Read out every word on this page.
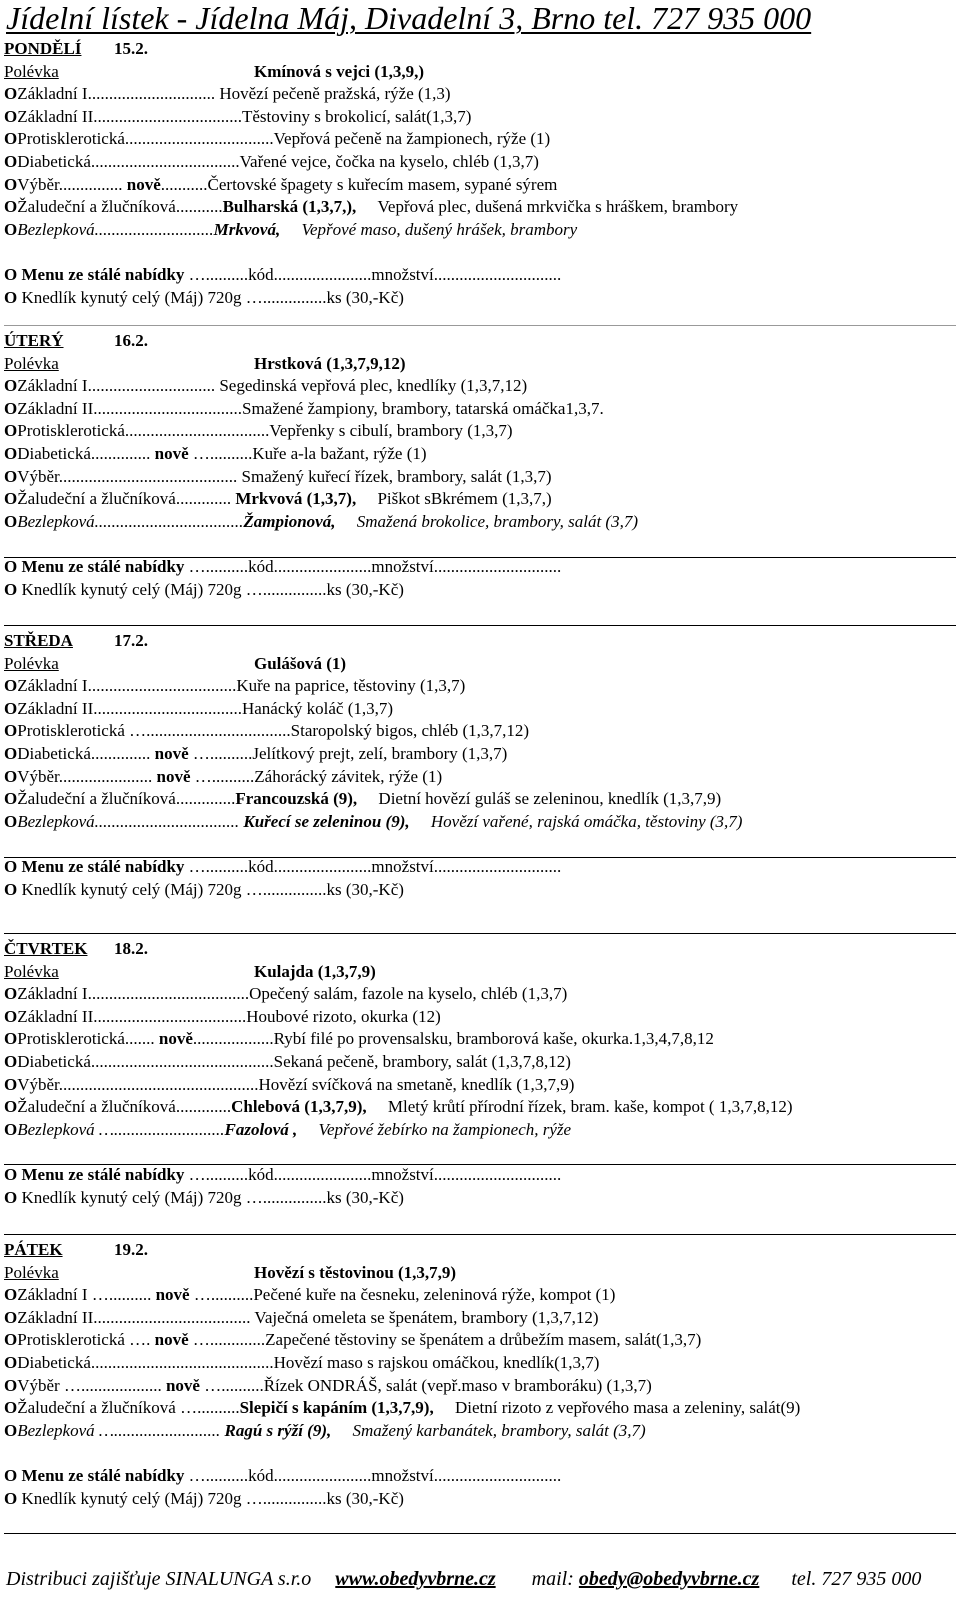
Jídelní lístek - Jídelna Máj, Divadelní 3, Brno tel. 727 935 000
PONDĚLÍ 15.2.
Polévka	Kmínová s vejci (1,3,9,)
OZákladní I.............................. Hovězí pečeně pražská, rýže (1,3)
OZákladní II...................................Těstoviny s brokolicí, salát(1,3,7)
OProtisklerotická...................................Vepřová pečeně na žampionech, rýže (1)
ODiabetická...................................Vařené vejce, čočka na kyselo, chléb (1,3,7)
OVýběr............... nově...........Čertovské špagety s kuřecím masem, sypané sýrem
OŽaludeční a žlučníková...........Bulharská (1,3,7,), Vepřová plec, dušená mrkvička s hráškem, brambory
OBezlepková............................Mrkvová, Vepřové maso, dušený hrášek, brambory
O Menu ze stálé nabídky …..........kód.......................množství..............................
O Knedlík kynutý celý (Máj) 720g …...............ks (30,-Kč)
ÚTERÝ	16.2.
Polévka	Hrstková (1,3,7,9,12)
OZákladní I.............................. Segedinská vepřová plec, knedlíky (1,3,7,12)
OZákladní II...................................Smažené žampiony, brambory, tatarská omáčka1,3,7.
OProtisklerotická..................................Vepřenky s cibulí, brambory (1,3,7)
ODiabetická.............. nově …..........Kuře a-la bažant, rýže (1)
OVýběr.......................................... Smažený kuřecí řízek, brambory, salát (1,3,7)
OŽaludeční a žlučníková............. Mrkvová (1,3,7), Piškot sBkrémem (1,3,7,)
OBezlepková...................................Žampionová, Smažená brokolice, brambory, salát (3,7)
O Menu ze stálé nabídky …..........kód.......................množství..............................
O Knedlík kynutý celý (Máj) 720g …...............ks (30,-Kč)
STŘEDA 17.2.
Polévka	Gulášová (1)
OZákladní I...................................Kuře na paprice, těstoviny (1,3,7)
OZákladní II...................................Hanácký koláč (1,3,7)
OProtisklerotická …..................................Staropolský bigos, chléb (1,3,7,12)
ODiabetická.............. nově …..........Jelítkový prejt, zelí, brambory (1,3,7)
OVýběr...................... nově …..........Záhorácký závitek, rýže (1)
OŽaludeční a žlučníková..............Francouzská (9), Dietní hovězí guláš se zeleninou, knedlík (1,3,7,9)
OBezlepková.................................. Kuřecí se zeleninou (9), Hovězí vařené, rajská omáčka, těstoviny (3,7)
O Menu ze stálé nabídky …..........kód.......................množství..............................
O Knedlík kynutý celý (Máj) 720g …...............ks (30,-Kč)
ČTVRTEK 18.2.
Polévka	Kulajda (1,3,7,9)
OZákladní I......................................Opečený salám, fazole na kyselo, chléb (1,3,7)
OZákladní II....................................Houbové rizoto, okurka (12)
OProtisklerotická....... nově...................Rybí filé po provensalsku, bramborová kaše, okurka.1,3,4,7,8,12
ODiabetická...........................................Sekaná pečeně, brambory, salát (1,3,7,8,12)
OVýběr...............................................Hovězí svíčková na smetaně, knedlík (1,3,7,9)
OŽaludeční a žlučníková.............Chlebová (1,3,7,9), Mletý krůtí přírodní řízek, bram. kaše, kompot ( 1,3,7,8,12)
OBezlepková …..........................Fazolová , Vepřové žebírko na žampionech, rýže
O Menu ze stálé nabídky …..........kód.......................množství..............................
O Knedlík kynutý celý (Máj) 720g …...............ks (30,-Kč)
PÁTEK	19.2.
Polévka	Hovězí s těstovinou (1,3,7,9)
OZákladní I ….......... nově …..........Pečené kuře na česneku, zeleninová rýže, kompot (1)
OZákladní II..................................... Vaječná omeleta se špenátem, brambory (1,3,7,12)
OProtisklerotická …. nově ….............Zapečené těstoviny se špenátem a drůbežím masem, salát(1,3,7)
ODiabetická...........................................Hovězí maso s rajskou omáčkou, knedlík(1,3,7)
OVýběr …................... nově …..........Řízek ONDRÁŠ, salát (vepř.maso v bramboráku) (1,3,7)
OŽaludeční a žlučníková …..........Slepičí s kapáním (1,3,7,9), Dietní rizoto z vepřového masa a zeleniny, salát(9)
OBezlepková …......................... Ragú s rýží (9), Smažený karbanátek, brambory, salát (3,7)
O Menu ze stálé nabídky …..........kód.......................množství..............................
O Knedlík kynutý celý (Máj) 720g …...............ks (30,-Kč)
Distribuci zajišťuje SINALUNGA s.r.o www.obedyvbrne.cz mail: obedy@obedyvbrne.cz tel. 727 935 000
